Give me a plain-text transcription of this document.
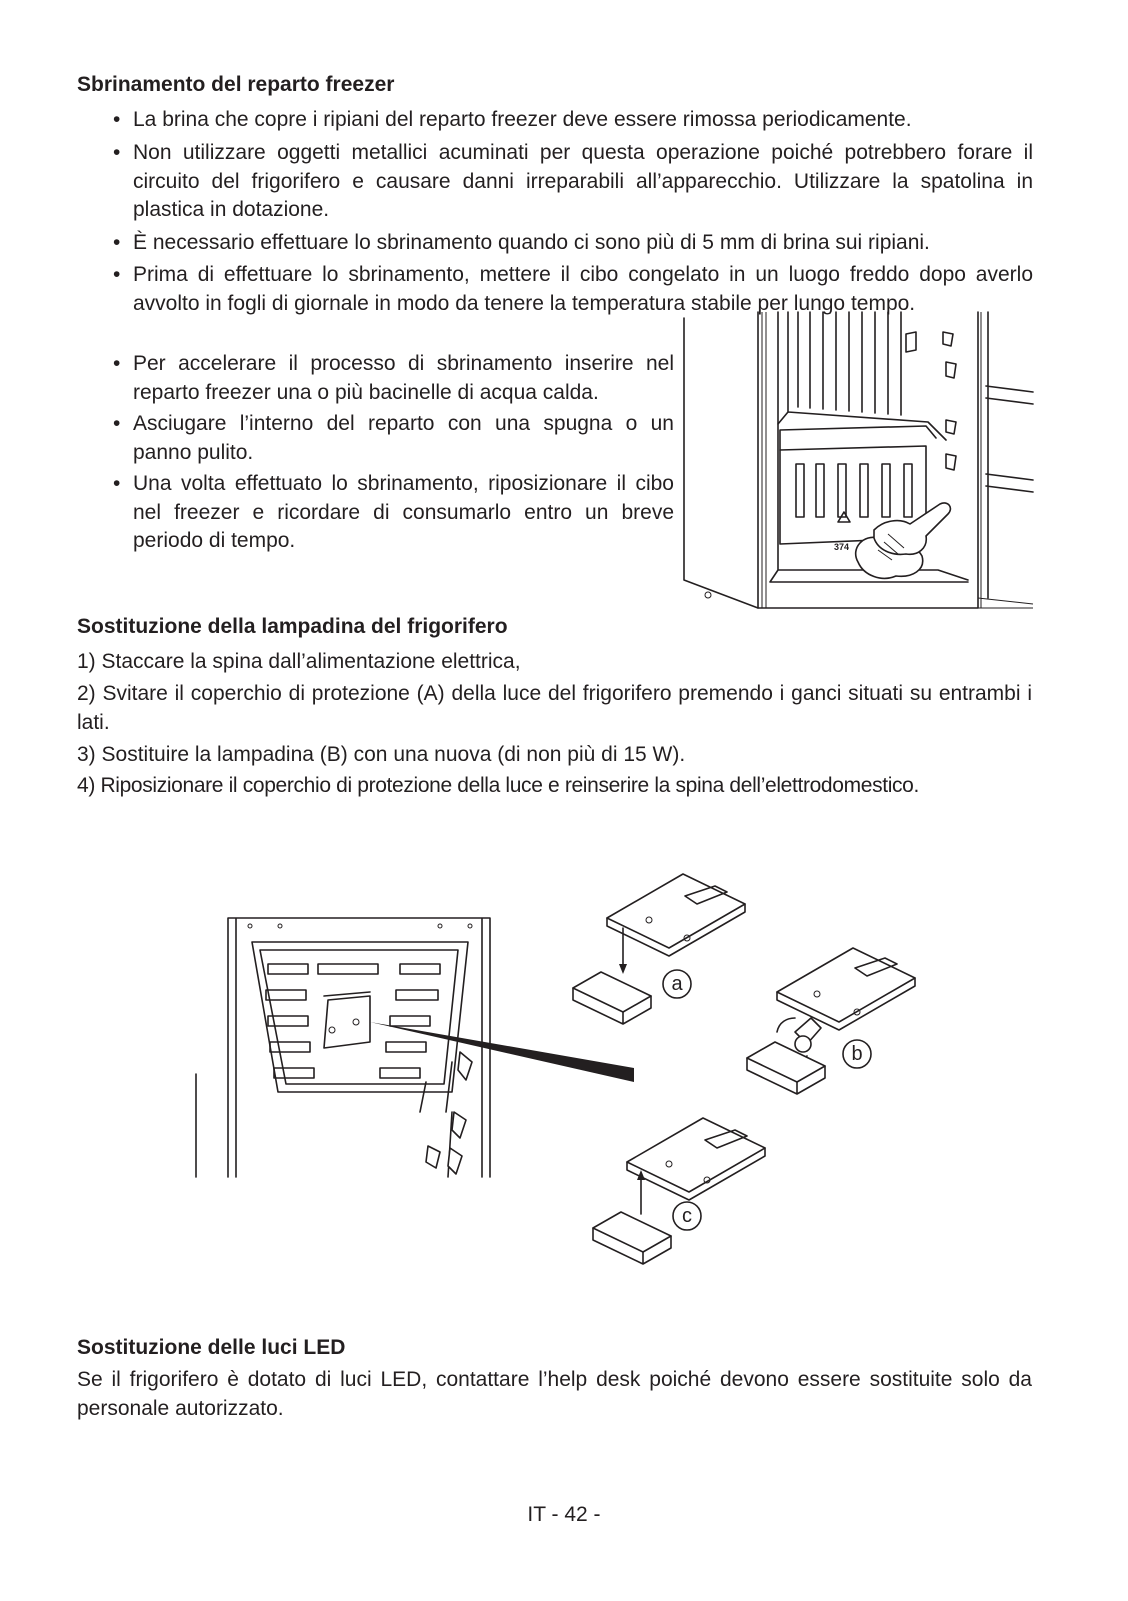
Sbrinamento del reparto freezer
• La brina che copre i ripiani del reparto freezer deve essere rimossa periodicamente.
• Non utilizzare oggetti metallici acuminati per questa operazione poiché potrebbero forare il circuito del frigorifero e causare danni irreparabili all’apparecchio. Utilizzare la spatolina in plastica in dotazione.
• È necessario effettuare lo sbrinamento quando ci sono più di 5 mm di brina sui ripiani.
• Prima di effettuare lo sbrinamento, mettere il cibo congelato in un luogo freddo dopo averlo avvolto in fogli di giornale in modo da tenere la temperatura stabile per lungo tempo.
• Per accelerare il processo di sbrinamento inserire nel reparto freezer una o più bacinelle di acqua calda.
• Asciugare l’interno del reparto con una spugna o un panno pulito.
• Una volta effettuato lo sbrinamento, riposizionare il cibo nel freezer e ricordare di consumarlo entro un breve periodo di tempo.	374
Sostituzione della lampadina del frigorifero
1) Staccare la spina dall’alimentazione elettrica,
2) Svitare il coperchio di protezione (A) della luce del frigorifero premendo i ganci situati su entrambi i lati.
3) Sostituire la lampadina (B) con una nuova (di non più di 15 W).
4) Riposizionare il coperchio di protezione della luce e reinserire la spina dell’elettrodomestico.
a
b
c
Sostituzione delle luci LED
Se il frigorifero è dotato di luci LED, contattare l’help desk poiché devono essere sostituite solo da personale autorizzato.
IT - 42 -
